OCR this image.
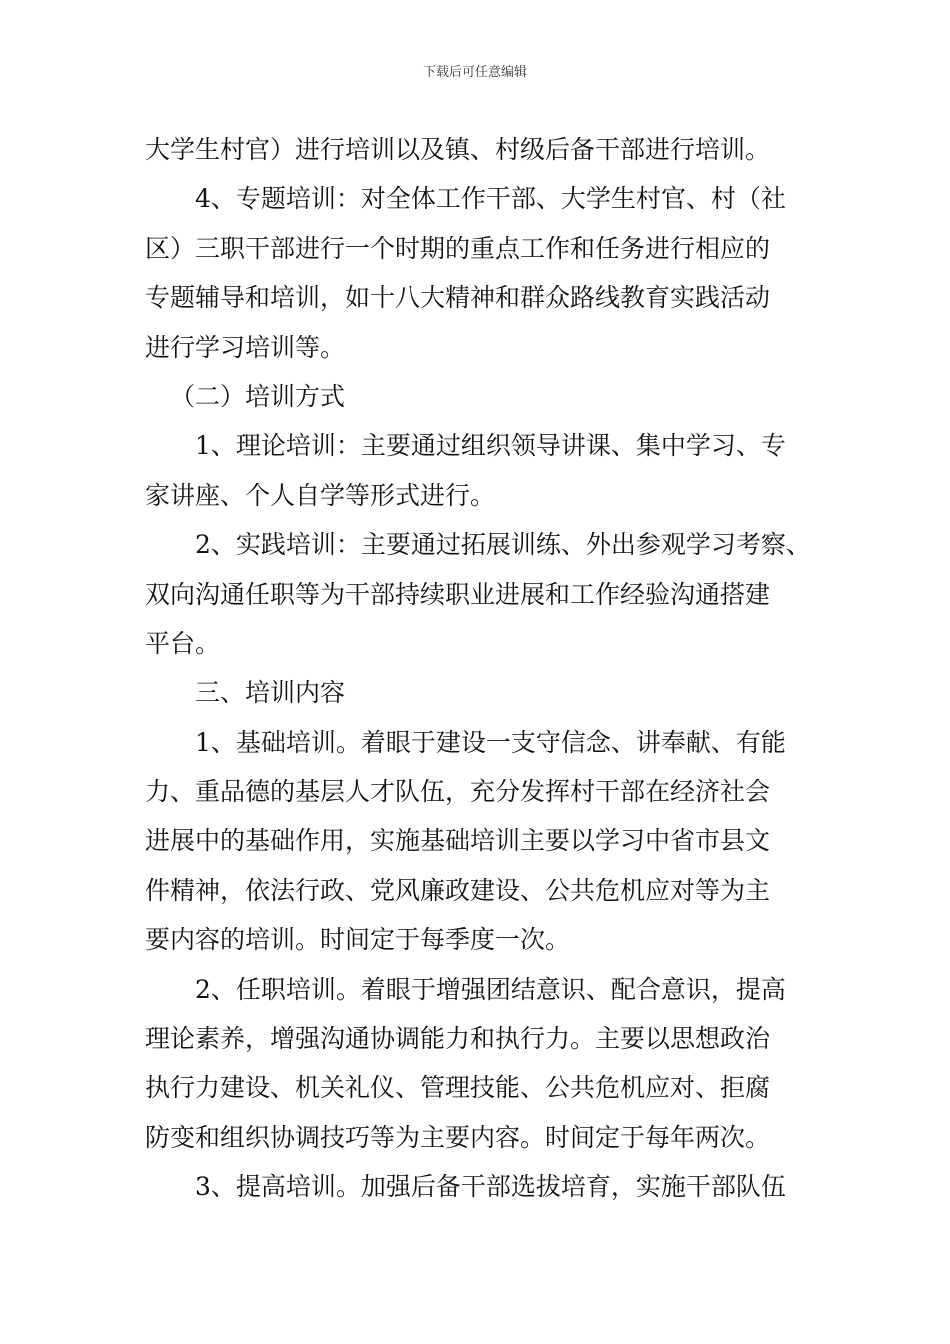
下载后可任意编辑
大学生村官）进行培训以及镇、村级后备干部进行培训。
4、专题培训：对全体工作干部、大学生村官、村（社
区）三职干部进行一个时期的重点工作和任务进行相应的
专题辅导和培训，如十八大精神和群众路线教育实践活动
进行学习培训等。
（二）培训方式
1、理论培训：主要通过组织领导讲课、集中学习、专
家讲座、个人自学等形式进行。
2、实践培训：主要通过拓展训练、外出参观学习考察、
双向沟通任职等为干部持续职业进展和工作经验沟通搭建
平台。
三、培训内容
1、基础培训。着眼于建设一支守信念、讲奉献、有能
力、重品德的基层人才队伍，充分发挥村干部在经济社会
进展中的基础作用，实施基础培训主要以学习中省市县文
件精神，依法行政、党风廉政建设、公共危机应对等为主
要内容的培训。时间定于每季度一次。
2、任职培训。着眼于增强团结意识、配合意识，提高
理论素养，增强沟通协调能力和执行力。主要以思想政治
执行力建设、机关礼仪、管理技能、公共危机应对、拒腐
防变和组织协调技巧等为主要内容。时间定于每年两次。
3、提高培训。加强后备干部选拔培育，实施干部队伍
